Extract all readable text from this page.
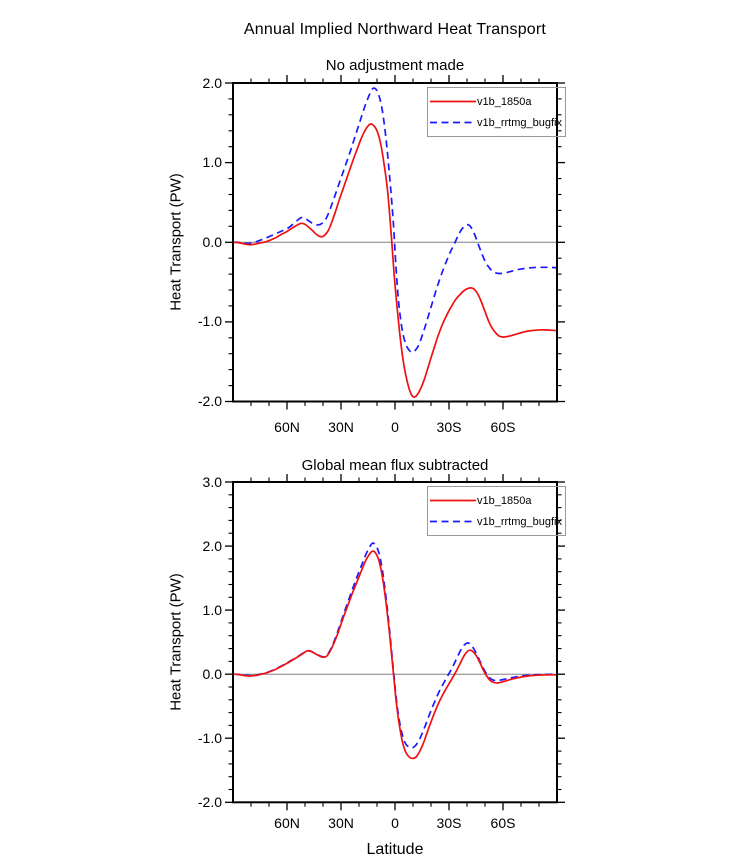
60N	30N	0	30S	60S
2.0
1.0
0.0
-1.0
-2.0
60N	30N	0	30S	60S
3.0
2.0
1.0
0.0
-1.0
-2.0
Annual Implied Northward Heat Transport
No adjustment made
Global mean flux subtracted
Heat Transport (PW)
Heat Transport (PW)
Latitude
v1b_1850a
v1b_rrtmg_bugfix
v1b_1850a
v1b_rrtmg_bugfix
